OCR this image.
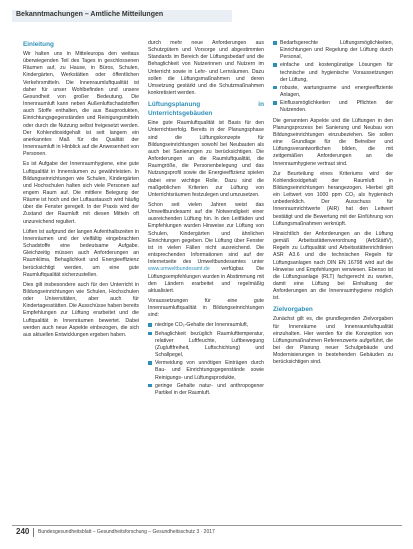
Bekanntmachungen – Amtliche Mitteilungen
Einleitung

Wir halten uns in Mitteleuropa den weitaus überwiegenden Teil des Tages in geschlossenen Räumen auf, zu Hause, in Büros, Schulen, Kindergärten, Werkstätten oder öffentlichen Verkehrsmitteln. Die Innenraumluftqualität ist daher für unser Wohlbefinden und unsere Gesundheit von großer Bedeutung. Die Innenraumluft kann neben Außenluftschadstoffen auch Stoffe enthalten, die aus Bauprodukten, Einrichtungsgegenständen und Reinigungsmitteln oder durch die Nutzung selbst freigesetzt werden. Der Kohlendioxidgehalt ist seit langem ein anerkanntes Maß für die Qualität der Innenraumluft in Hinblick auf die Anwesenheit von Personen.

Es ist Aufgabe der Innenraumhygiene, eine gute Luftqualität in Innenräumen zu gewährleisten. In Bildungseinrichtungen wie Schulen, Kindergärten und Hochschulen halten sich viele Personen auf engem Raum auf. Die mittlere Belegung der Räume ist hoch und der Luftaustausch wird häufig über die Fenster geregelt. In der Praxis wird der Zustand der Raumluft mit diesen Mitteln oft unzureichend reguliert.

Lüften ist aufgrund der langen Aufenthaltszeiten in Innenräumen und der vielfältig eingebrachten Schadstoffe eine bedeutsame Aufgabe. Gleichzeitig müssen auch Anforderungen an Raumklima, Behaglichkeit und Energieeffizienz berücksichtigt werden, um eine gute Raumluftqualität sicherzustellen.

Dies gilt insbesondere auch für den Unterricht in Bildungseinrichtungen wie Schulen, Hochschulen oder Universitäten, aber auch für Kindertagesstätten. Die Ausschüsse haben bereits Empfehlungen zur Lüftung erarbeitet und die Luftqualität in Innenräumen bewertet. Dabei werden auch neue Aspekte einbezogen, die sich aus aktuellen Entwicklungen ergeben haben.

durch mehr neue Anforderungen aus Schutzgütern und Vorsorge und abgestimmten Standards im Bereich der Lüftungsbedarf und die Behaglichkeit von Nutzerinnen und Nutzern im Unterricht sowie in Lehr- und Lernräumen. Dazu sollen die Lüftungsmaßnahmen und deren Umsetzung gestärkt und die Schutzmaßnahmen konkretisiert werden.

Lüftungsplanung in Unterrichtsgebäuden

Eine gute Raumluftqualität ist Basis für den Unterrichtserfolg. Bereits in der Planungsphase sind die Lüftungskonzepte für Bildungseinrichtungen sowohl bei Neubauten als auch bei Sanierungen zu berücksichtigen. Die Anforderungen an die Raumluftqualität, die Raumgröße, die Personenbelegung und das Nutzungsprofil sowie die Energieeffizienz spielen dabei eine wichtige Rolle. Dazu sind die maßgeblichen Kriterien zur Lüftung von Unterrichtsräumen festzulegen und umzusetzen.

Schon seit vielen Jahren weist das Umweltbundesamt auf die Notwendigkeit einer ausreichenden Lüftung hin. In den Leitfäden und Empfehlungen wurden Hinweise zur Lüftung von Schulen, Kindergärten und ähnlichen Einrichtungen gegeben. Die Lüftung über Fenster ist in vielen Fällen nicht ausreichend. Die entsprechenden Informationen sind auf der Internetseite des Umweltbundesamtes unter www.umweltbundesamt.de verfügbar. Die Lüftungsempfehlungen wurden in Abstimmung mit den Ländern erarbeitet und regelmäßig aktualisiert.

Voraussetzungen für eine gute Innenraumluftqualität in Bildungseinrichtungen sind:

niedrige CO₂-Gehalte der Innenraumluft,
Behaglichkeit bezüglich Raumlufttemperatur, relativer Luftfeuchte, Luftbewegung (Zugluftfreiheit, Luftschichtung) und Schallpegel,
Vermeidung von unnötigen Einträgen durch Bau- und Einrichtungsgegenstände sowie Reinigungs- und Lüftungsprodukte,
geringe Gehalte natur- und anthropogener Partikel in der Raumluft.
Bedarfsgerechte Lüftungsmöglichkeiten, Einrichtungen und Regelung der Lüftung durch Personal,
einfache und kostengünstige Lösungen für technische und hygienische Voraussetzungen der Lüftung,
robuste, wartungsarme und energieeffiziente Anlagen,
Einflussmöglichkeiten und Pflichten der Nutzenden.

Die genannten Aspekte und die Lüftungen in den Planungsprozess bei Sanierung und Neubau von Bildungseinrichtungen einzubeziehen. Sie sollen eine Grundlage für die Betreiber und Lüftungsverantwortlichen bilden, die mit zeitgemäßen Anforderungen an die Innenraumhygiene vertraut sind.

Zur Beurteilung eines Kriteriums wird der Kohlendioxidgehalt der Raumluft in Bildungseinrichtungen herangezogen. Hierbei gilt ein Leitwert von 1000 ppm CO₂ als hygienisch unbedenklich. Der Ausschuss für Innenraumrichtwerte (AIR) hat den Leitwert bestätigt und die Bewertung mit der Einführung von Lüftungsmaßnahmen verknüpft.

Hinsichtlich der Anforderungen an die Lüftung gemäß Arbeitsstättenverordnung (ArbStättV), Regeln zu Luftqualität und Arbeitsstättenrichtlinien ASR A3.6 und die technischen Regeln für Lüftungsanlagen nach DIN EN 16798 wird auf die Hinweise und Empfehlungen verwiesen. Ebenso ist die Lüftungsanlage (RLT) fachgerecht zu warten, damit eine Lüftung bei Einhaltung der Anforderungen an die Innenraumhygiene möglich ist.

Zielvorgaben

Zunächst gilt es, die grundlegenden Zielvorgaben für Innenräume und Innenraumluftqualität einzuhalten. Hier werden für die Konzeption von Lüftungsmaßnahmen Referenzwerte aufgeführt, die bei der Planung neuer Schulgebäude und Modernisierungen in bestehenden Gebäuden zu berücksichtigen sind.

240 Bundesgesundheitsblatt – Gesundheitsforschung – Gesundheitsschutz 3 · 2017
